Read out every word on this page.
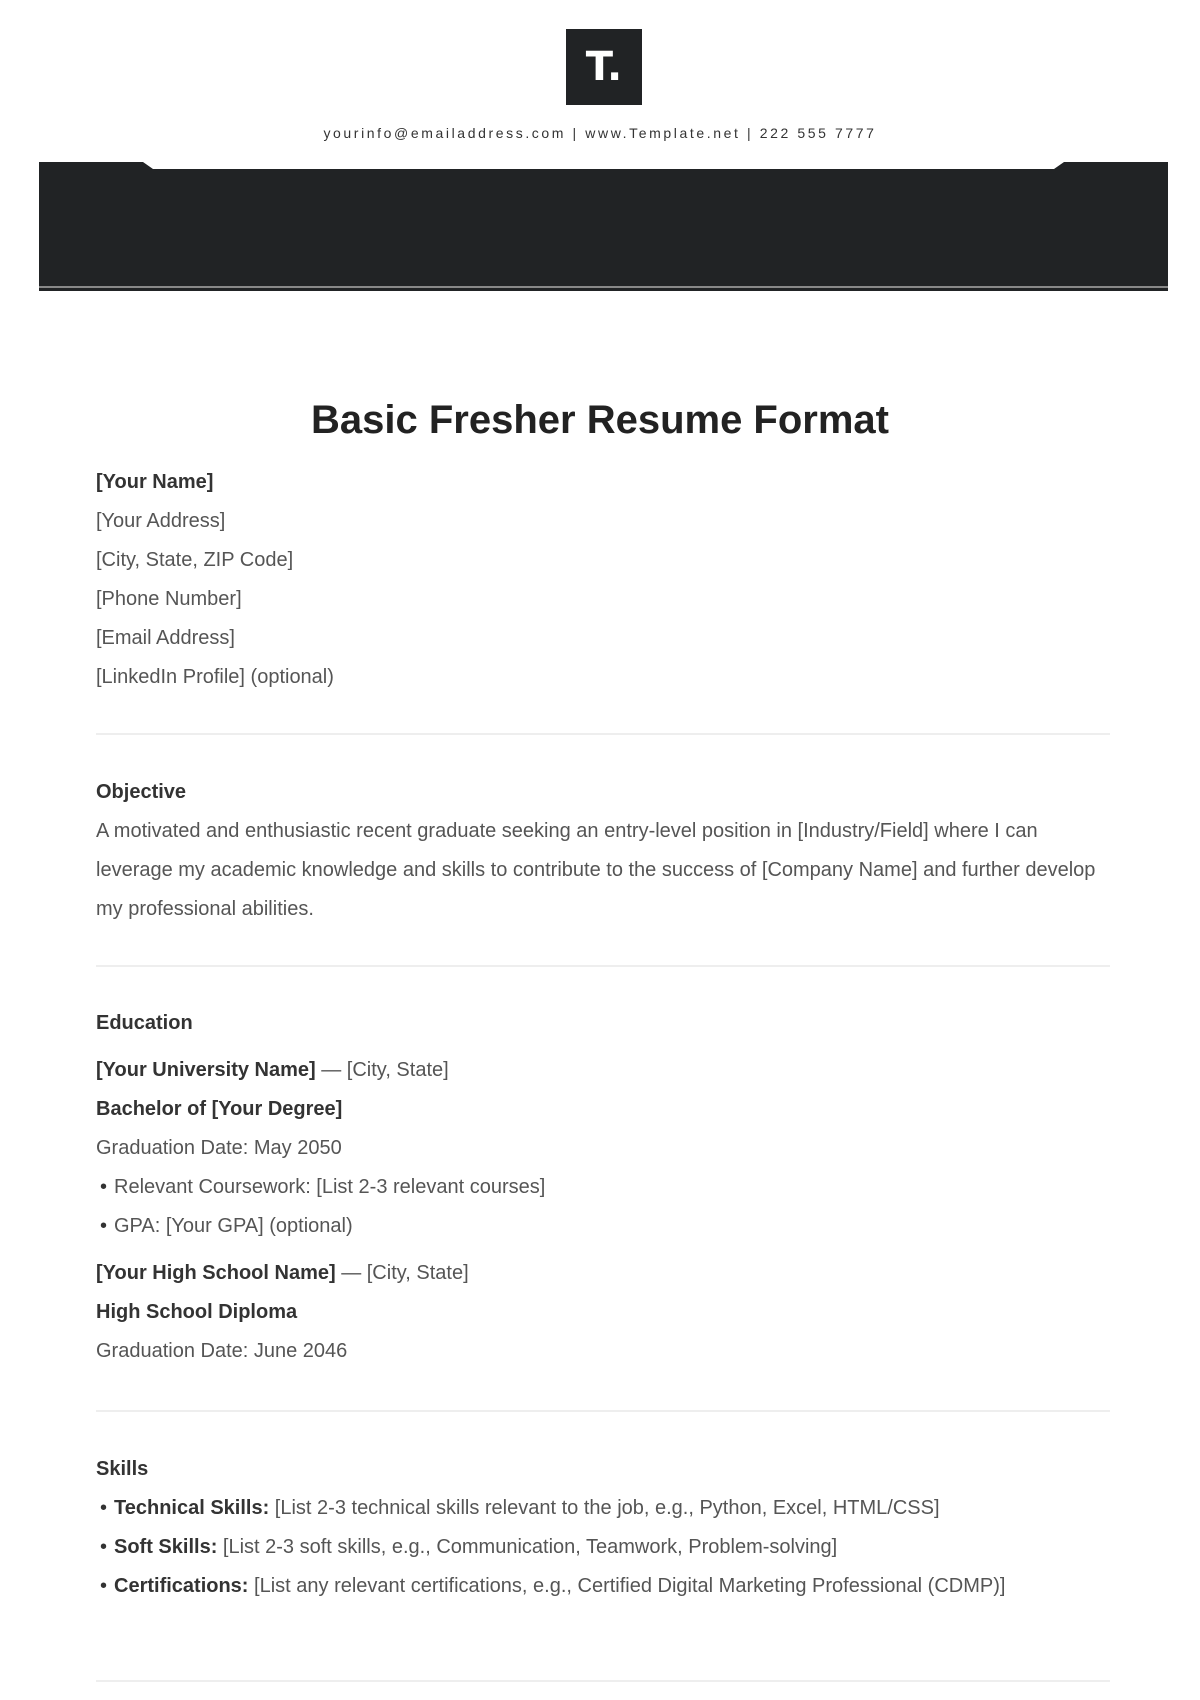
T.
yourinfo@emailaddress.com | www.Template.net | 222 555 7777
Basic Fresher Resume Format
[Your Name]
[Your Address]
[City, State, ZIP Code]
[Phone Number]
[Email Address]
[LinkedIn Profile] (optional)
Objective
A motivated and enthusiastic recent graduate seeking an entry-level position in [Industry/Field] where I can leverage my academic knowledge and skills to contribute to the success of [Company Name] and further develop my professional abilities.
Education
[Your University Name] — [City, State]
Bachelor of [Your Degree]
Graduation Date: May 2050
• Relevant Coursework: [List 2-3 relevant courses]
• GPA: [Your GPA] (optional)
[Your High School Name] — [City, State]
High School Diploma
Graduation Date: June 2046
Skills
• Technical Skills: [List 2-3 technical skills relevant to the job, e.g., Python, Excel, HTML/CSS]
• Soft Skills: [List 2-3 soft skills, e.g., Communication, Teamwork, Problem-solving]
• Certifications: [List any relevant certifications, e.g., Certified Digital Marketing Professional (CDMP)]
